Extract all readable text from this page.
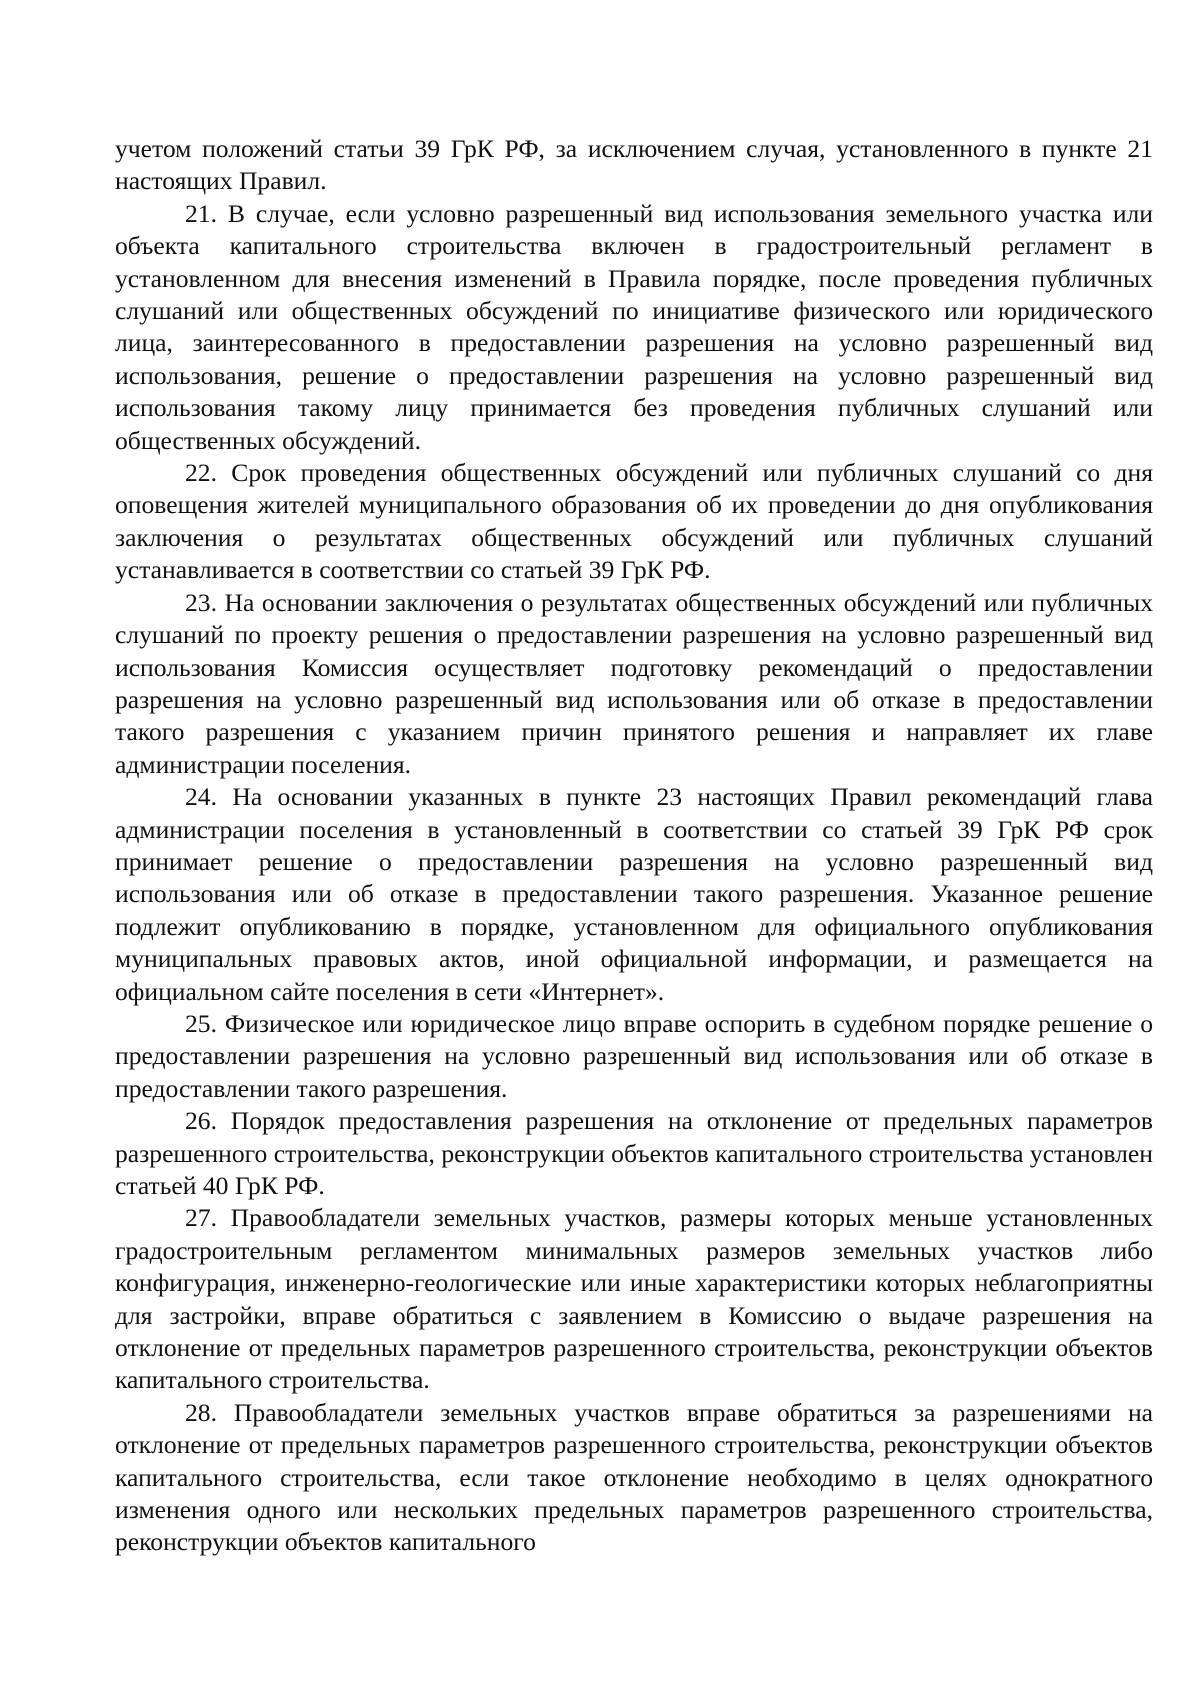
учетом положений статьи 39 ГрК РФ, за исключением случая, установленного в пункте 21 настоящих Правил.

21. В случае, если условно разрешенный вид использования земельного участка или объекта капитального строительства включен в градостроительный регламент в установленном для внесения изменений в Правила порядке, после проведения публичных слушаний или общественных обсуждений по инициативе физического или юридического лица, заинтересованного в предоставлении разрешения на условно разрешенный вид использования, решение о предоставлении разрешения на условно разрешенный вид использования такому лицу принимается без проведения публичных слушаний или общественных обсуждений.

22. Срок проведения общественных обсуждений или публичных слушаний со дня оповещения жителей муниципального образования об их проведении до дня опубликования заключения о результатах общественных обсуждений или публичных слушаний устанавливается в соответствии со статьей 39 ГрК РФ.

23. На основании заключения о результатах общественных обсуждений или публичных слушаний по проекту решения о предоставлении разрешения на условно разрешенный вид использования Комиссия осуществляет подготовку рекомендаций о предоставлении разрешения на условно разрешенный вид использования или об отказе в предоставлении такого разрешения с указанием причин принятого решения и направляет их главе администрации поселения.

24. На основании указанных в пункте 23 настоящих Правил рекомендаций глава администрации поселения в установленный в соответствии со статьей 39 ГрК РФ срок принимает решение о предоставлении разрешения на условно разрешенный вид использования или об отказе в предоставлении такого разрешения. Указанное решение подлежит опубликованию в порядке, установленном для официального опубликования муниципальных правовых актов, иной официальной информации, и размещается на официальном сайте поселения в сети «Интернет».

25. Физическое или юридическое лицо вправе оспорить в судебном порядке решение о предоставлении разрешения на условно разрешенный вид использования или об отказе в предоставлении такого разрешения.

26. Порядок предоставления разрешения на отклонение от предельных параметров разрешенного строительства, реконструкции объектов капитального строительства установлен статьей 40 ГрК РФ.

27. Правообладатели земельных участков, размеры которых меньше установленных градостроительным регламентом минимальных размеров земельных участков либо конфигурация, инженерно-геологические или иные характеристики которых неблагоприятны для застройки, вправе обратиться с заявлением в Комиссию о выдаче разрешения на отклонение от предельных параметров разрешенного строительства, реконструкции объектов капитального строительства.

28. Правообладатели земельных участков вправе обратиться за разрешениями на отклонение от предельных параметров разрешенного строительства, реконструкции объектов капитального строительства, если такое отклонение необходимо в целях однократного изменения одного или нескольких предельных параметров разрешенного строительства, реконструкции объектов капитального
